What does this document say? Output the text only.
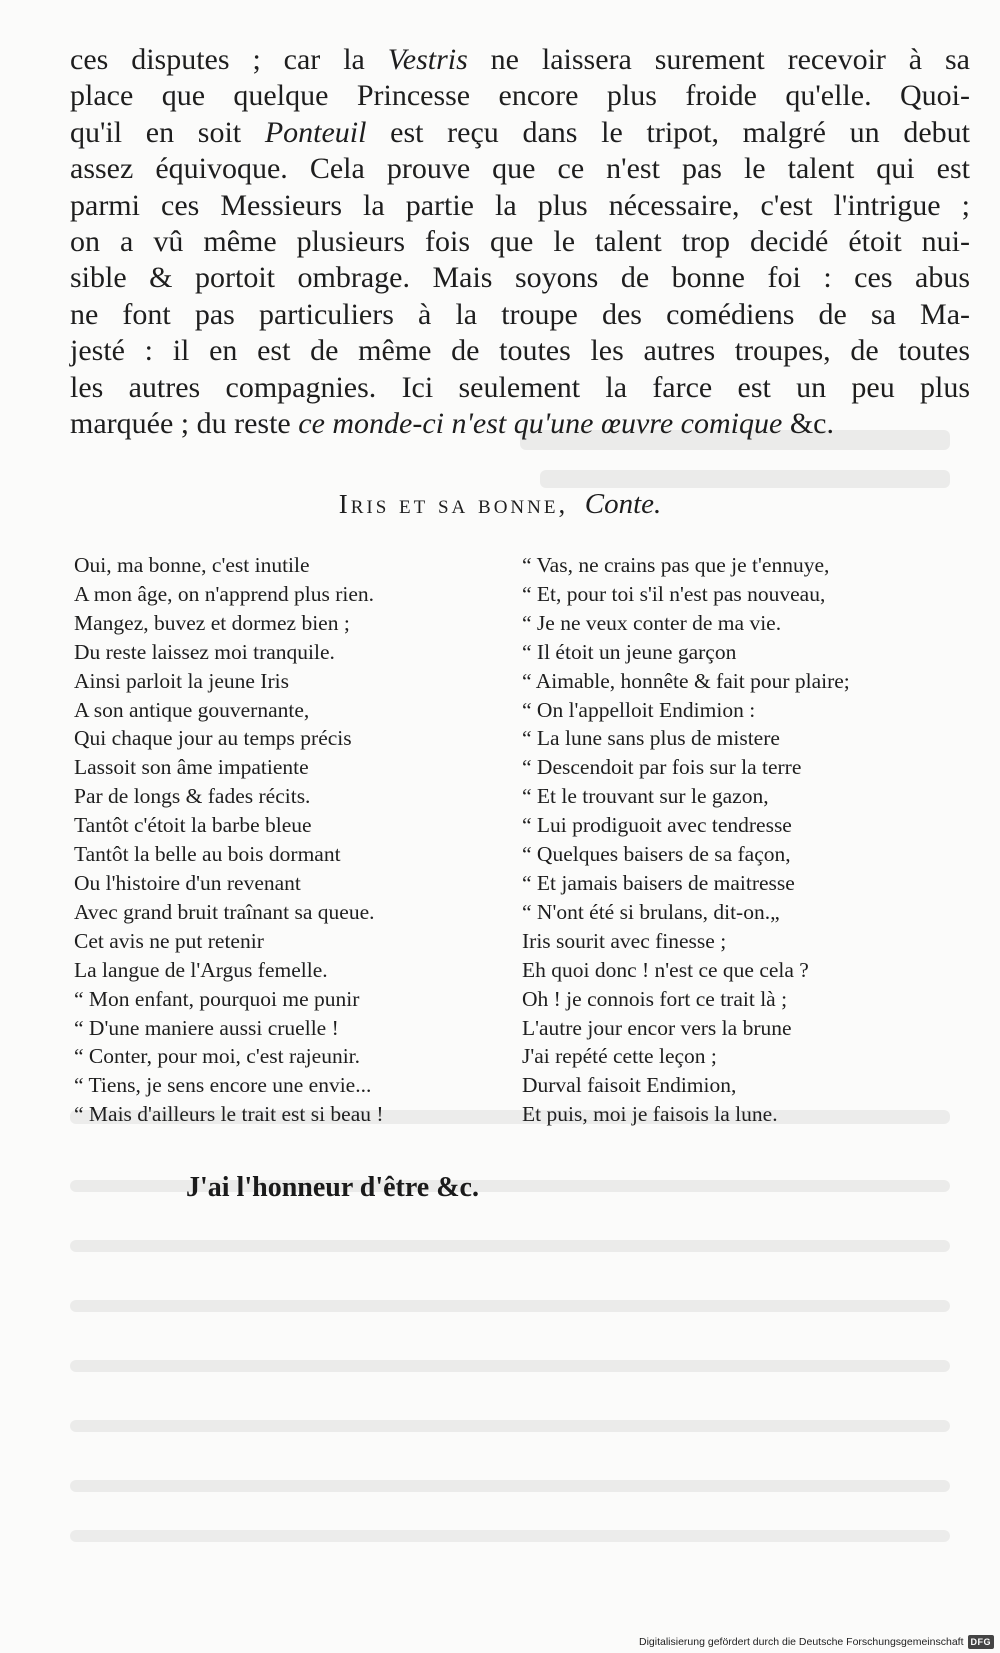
ces disputes ; car la Vestris ne laissera surement recevoir à sa
place que quelque Princesse encore plus froide qu'elle. Quoi-
qu'il en soit Ponteuil est reçu dans le tripot, malgré un debut
assez équivoque. Cela prouve que ce n'est pas le talent qui est
parmi ces Messieurs la partie la plus nécessaire, c'est l'intrigue ;
on a vû même plusieurs fois que le talent trop decidé étoit nui-
sible & portoit ombrage. Mais soyons de bonne foi : ces abus
ne font pas particuliers à la troupe des comédiens de sa Ma-
jesté : il en est de même de toutes les autres troupes, de toutes
les autres compagnies. Ici seulement la farce est un peu plus
marquée ; du reste ce monde-ci n'est qu'une œuvre comique &c.
Iris et sa bonne, Conte.
Oui, ma bonne, c'est inutile
A mon âge, on n'apprend plus rien.
Mangez, buvez et dormez bien ;
Du reste laissez moi tranquile.
Ainsi parloit la jeune Iris
A son antique gouvernante,
Qui chaque jour au temps précis
Lassoit son âme impatiente
Par de longs & fades récits.
Tantôt c'étoit la barbe bleue
Tantôt la belle au bois dormant
Ou l'histoire d'un revenant
Avec grand bruit traînant sa queue.
Cet avis ne put retenir
La langue de l'Argus femelle.
“ Mon enfant, pourquoi me punir
“ D'une maniere aussi cruelle !
“ Conter, pour moi, c'est rajeunir.
“ Tiens, je sens encore une envie...
“ Mais d'ailleurs le trait est si beau !
“ Vas, ne crains pas que je t'ennuye,
“ Et, pour toi s'il n'est pas nouveau,
“ Je ne veux conter de ma vie.
“ Il étoit un jeune garçon
“ Aimable, honnête & fait pour plaire;
“ On l'appelloit Endimion :
“ La lune sans plus de mistere
“ Descendoit par fois sur la terre
“ Et le trouvant sur le gazon,
“ Lui prodiguoit avec tendresse
“ Quelques baisers de sa façon,
“ Et jamais baisers de maitresse
“ N'ont été si brulans, dit-on.„
Iris sourit avec finesse ;
Eh quoi donc ! n'est ce que cela ?
Oh ! je connois fort ce trait là ;
L'autre jour encor vers la brune
J'ai repété cette leçon ;
Durval faisoit Endimion,
Et puis, moi je faisois la lune.
J'ai l'honneur d'être &c.
Digitalisierung gefördert durch die Deutsche Forschungsgemeinschaft DFG
